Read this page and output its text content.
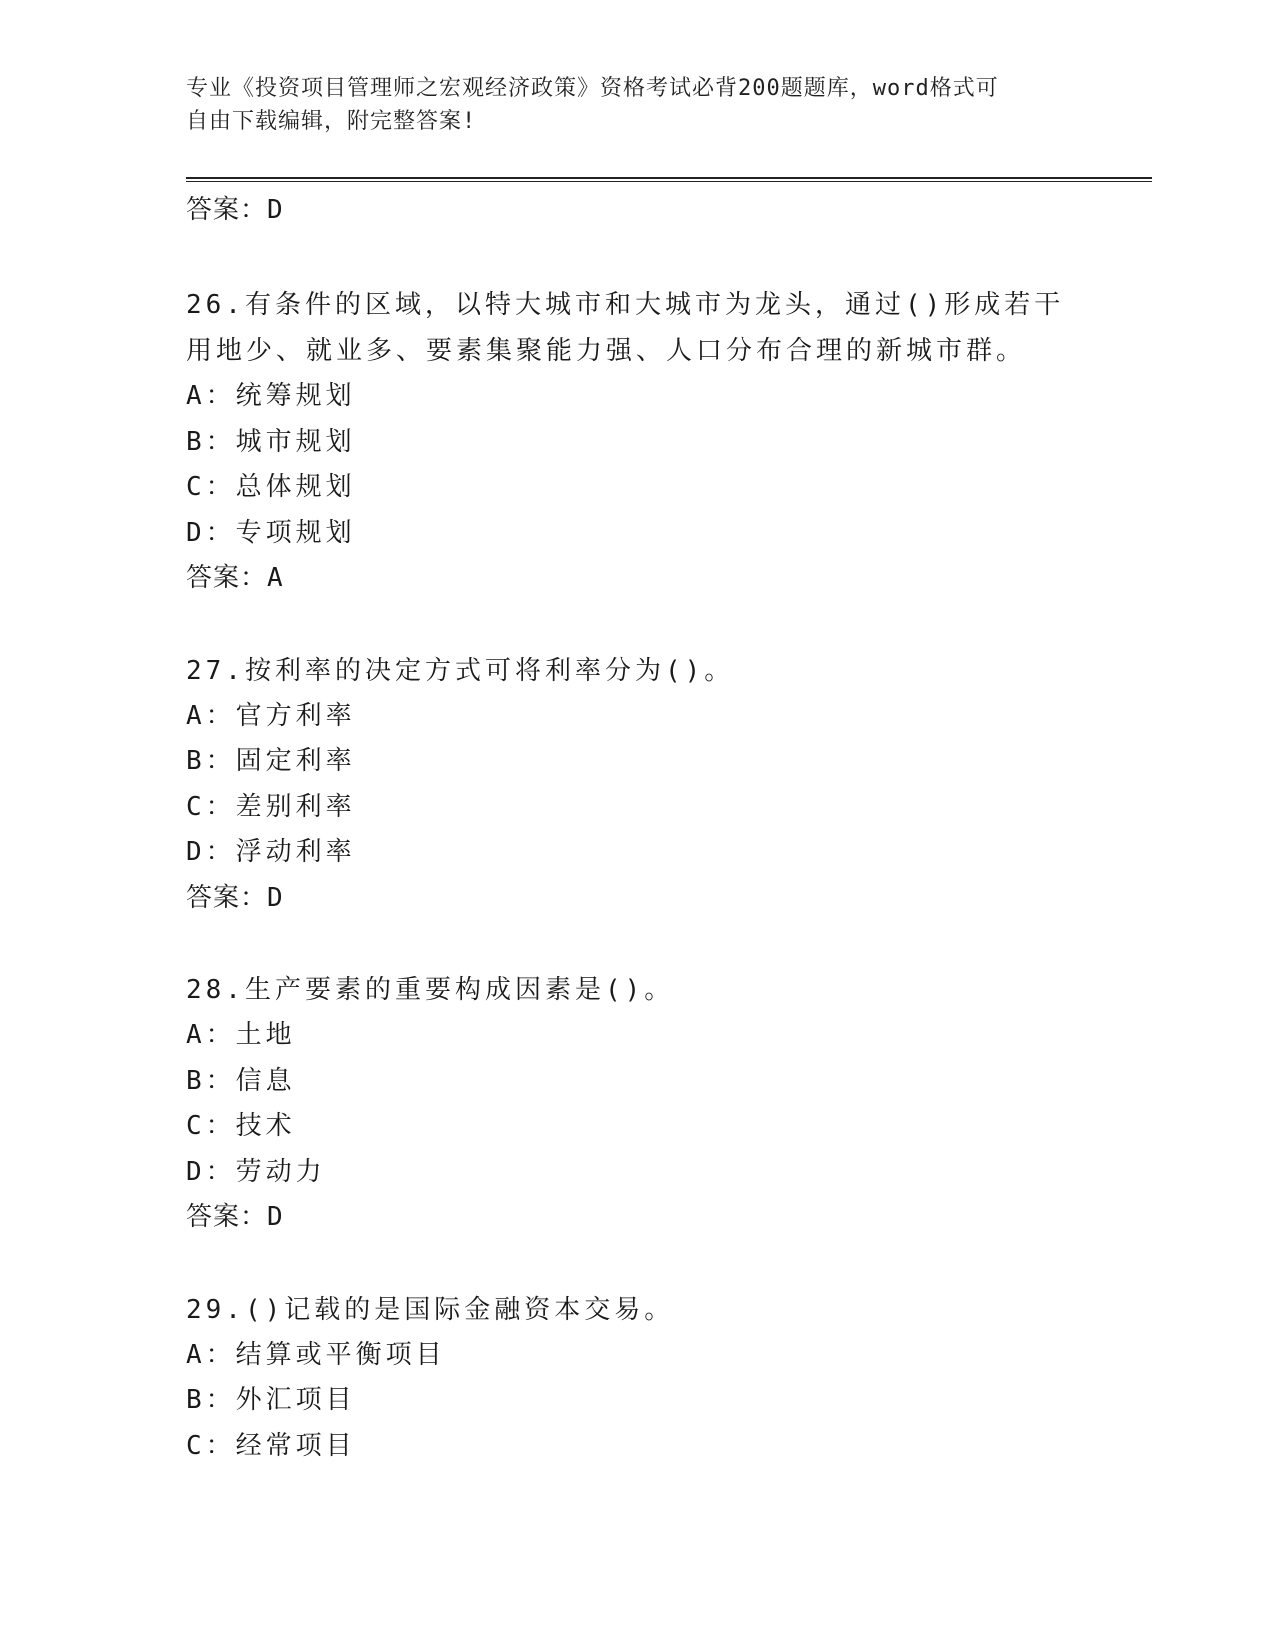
专业《投资项目管理师之宏观经济政策》资格考试必背200题题库，word格式可
自由下载编辑，附完整答案!
答案：D
26.有条件的区域，以特大城市和大城市为龙头，通过()形成若干用地少、就业多、要素集聚能力强、人口分布合理的新城市群。
A：统筹规划
B：城市规划
C：总体规划
D：专项规划
答案：A
27.按利率的决定方式可将利率分为()。
A：官方利率
B：固定利率
C：差别利率
D：浮动利率
答案：D
28.生产要素的重要构成因素是()。
A：土地
B：信息
C：技术
D：劳动力
答案：D
29.()记载的是国际金融资本交易。
A：结算或平衡项目
B：外汇项目
C：经常项目
